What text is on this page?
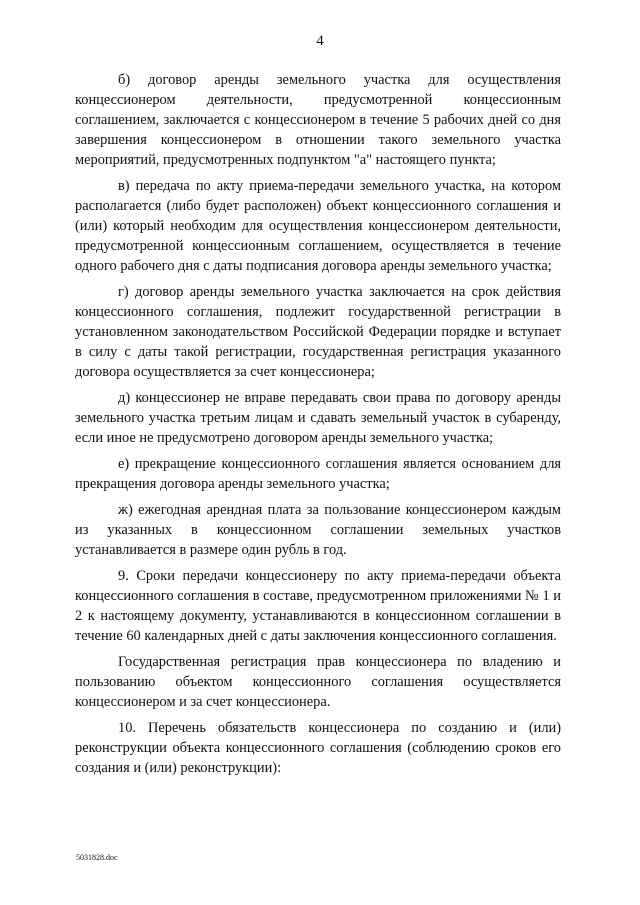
4

б) договор аренды земельного участка для осуществления концессионером деятельности, предусмотренной концессионным соглашением, заключается с концессионером в течение 5 рабочих дней со дня завершения концессионером в отношении такого земельного участка мероприятий, предусмотренных подпунктом "а" настоящего пункта;

в) передача по акту приема-передачи земельного участка, на котором располагается (либо будет расположен) объект концессионного соглашения и (или) который необходим для осуществления концессионером деятельности, предусмотренной концессионным соглашением, осуществляется в течение одного рабочего дня с даты подписания договора аренды земельного участка;

г) договор аренды земельного участка заключается на срок действия концессионного соглашения, подлежит государственной регистрации в установленном законодательством Российской Федерации порядке и вступает в силу с даты такой регистрации, государственная регистрация указанного договора осуществляется за счет концессионера;

д) концессионер не вправе передавать свои права по договору аренды земельного участка третьим лицам и сдавать земельный участок в субаренду, если иное не предусмотрено договором аренды земельного участка;

е) прекращение концессионного соглашения является основанием для прекращения договора аренды земельного участка;

ж) ежегодная арендная плата за пользование концессионером каждым из указанных в концессионном соглашении земельных участков устанавливается в размере один рубль в год.

9. Сроки передачи концессионеру по акту приема-передачи объекта концессионного соглашения в составе, предусмотренном приложениями № 1 и 2 к настоящему документу, устанавливаются в концессионном соглашении в течение 60 календарных дней с даты заключения концессионного соглашения.

Государственная регистрация прав концессионера по владению и пользованию объектом концессионного соглашения осуществляется концессионером и за счет концессионера.

10. Перечень обязательств концессионера по созданию и (или) реконструкции объекта концессионного соглашения (соблюдению сроков его создания и (или) реконструкции):

5031828.doc
